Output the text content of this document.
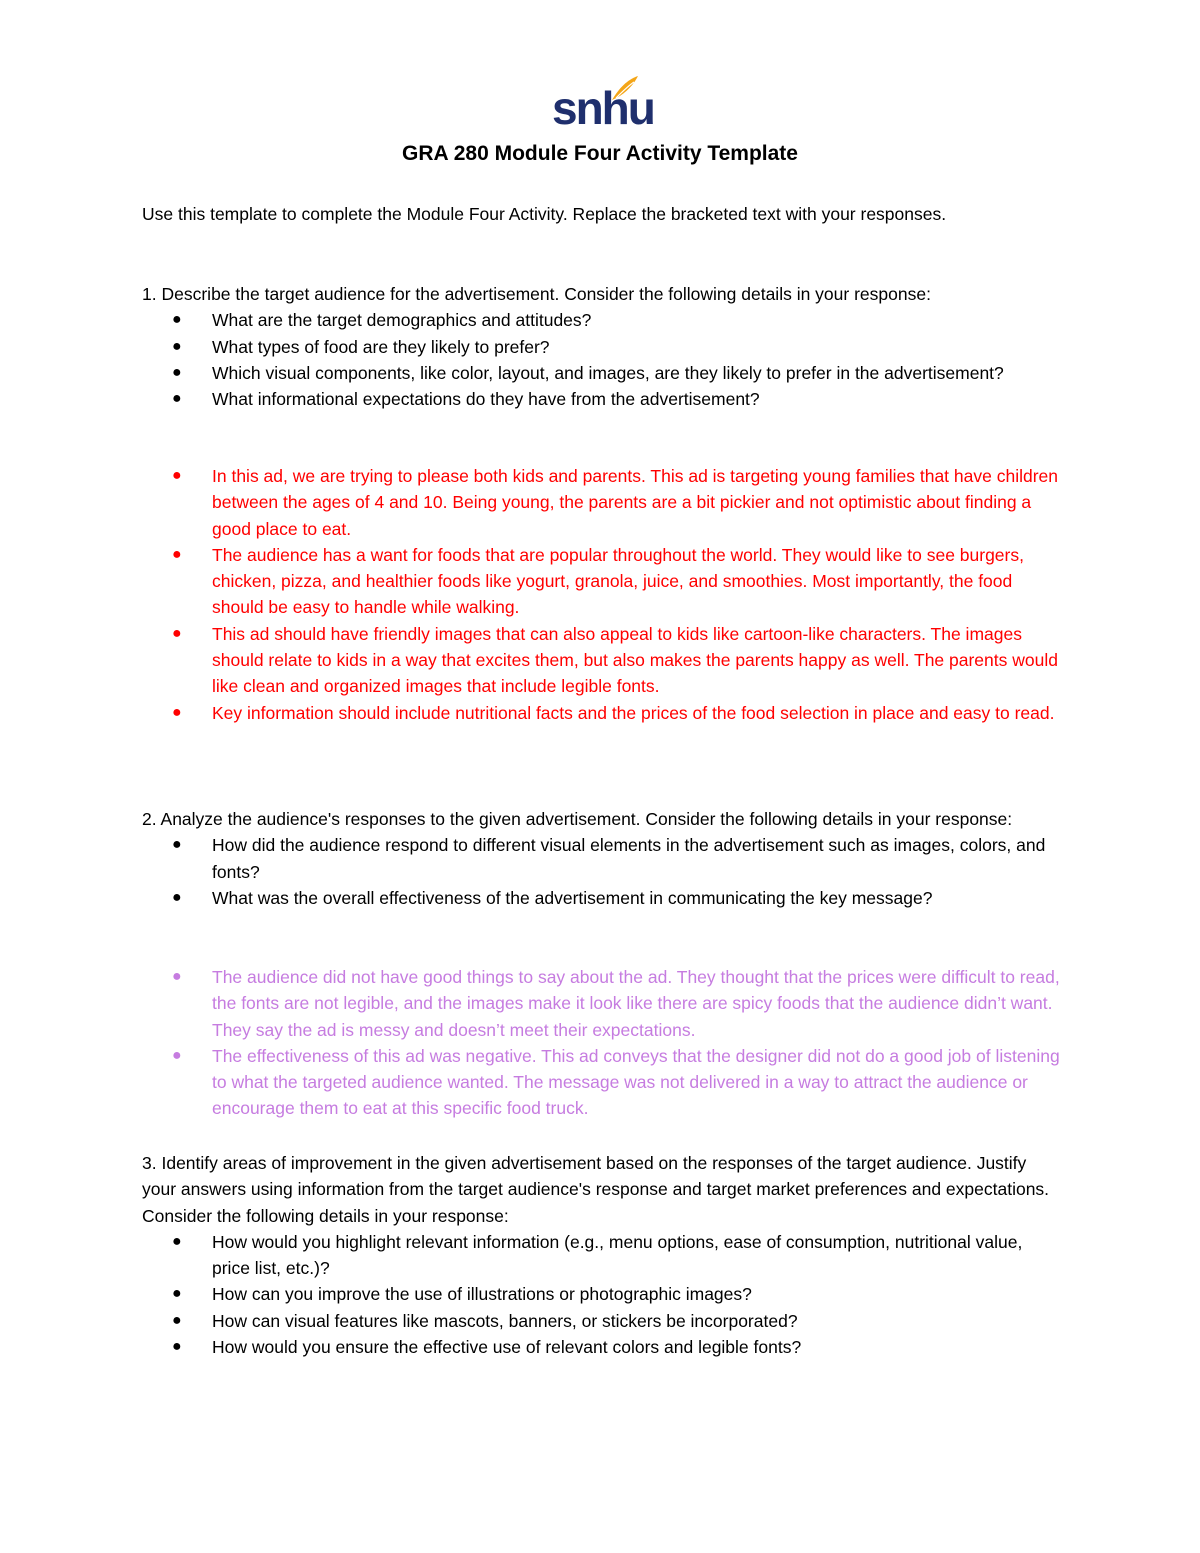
snhu
GRA 280 Module Four Activity Template
Use this template to complete the Module Four Activity. Replace the bracketed text with your responses.

1. Describe the target audience for the advertisement. Consider the following details in your response:

● What are the target demographics and attitudes?
● What types of food are they likely to prefer?
● Which visual components, like color, layout, and images, are they likely to prefer in the advertisement?
● What informational expectations do they have from the advertisement?
● In this ad, we are trying to please both kids and parents. This ad is targeting young families that have children between the ages of 4 and 10. Being young, the parents are a bit pickier and not optimistic about finding a good place to eat.
● The audience has a want for foods that are popular throughout the world. They would like to see burgers, chicken, pizza, and healthier foods like yogurt, granola, juice, and smoothies. Most importantly, the food should be easy to handle while walking.
● This ad should have friendly images that can also appeal to kids like cartoon-like characters. The images should relate to kids in a way that excites them, but also makes the parents happy as well. The parents would like clean and organized images that include legible fonts.
● Key information should include nutritional facts and the prices of the food selection in place and easy to read.

2. Analyze the audience's responses to the given advertisement. Consider the following details in your response:

● How did the audience respond to different visual elements in the advertisement such as images, colors, and fonts?
● What was the overall effectiveness of the advertisement in communicating the key message?
● The audience did not have good things to say about the ad. They thought that the prices were difficult to read, the fonts are not legible, and the images make it look like there are spicy foods that the audience didn’t want. They say the ad is messy and doesn’t meet their expectations.
● The effectiveness of this ad was negative. This ad conveys that the designer did not do a good job of listening to what the targeted audience wanted. The message was not delivered in a way to attract the audience or encourage them to eat at this specific food truck.

3. Identify areas of improvement in the given advertisement based on the responses of the target audience. Justify your answers using information from the target audience's response and target market preferences and expectations. Consider the following details in your response:

● How would you highlight relevant information (e.g., menu options, ease of consumption, nutritional value, price list, etc.)?
● How can you improve the use of illustrations or photographic images?
● How can visual features like mascots, banners, or stickers be incorporated?
● How would you ensure the effective use of relevant colors and legible fonts?
